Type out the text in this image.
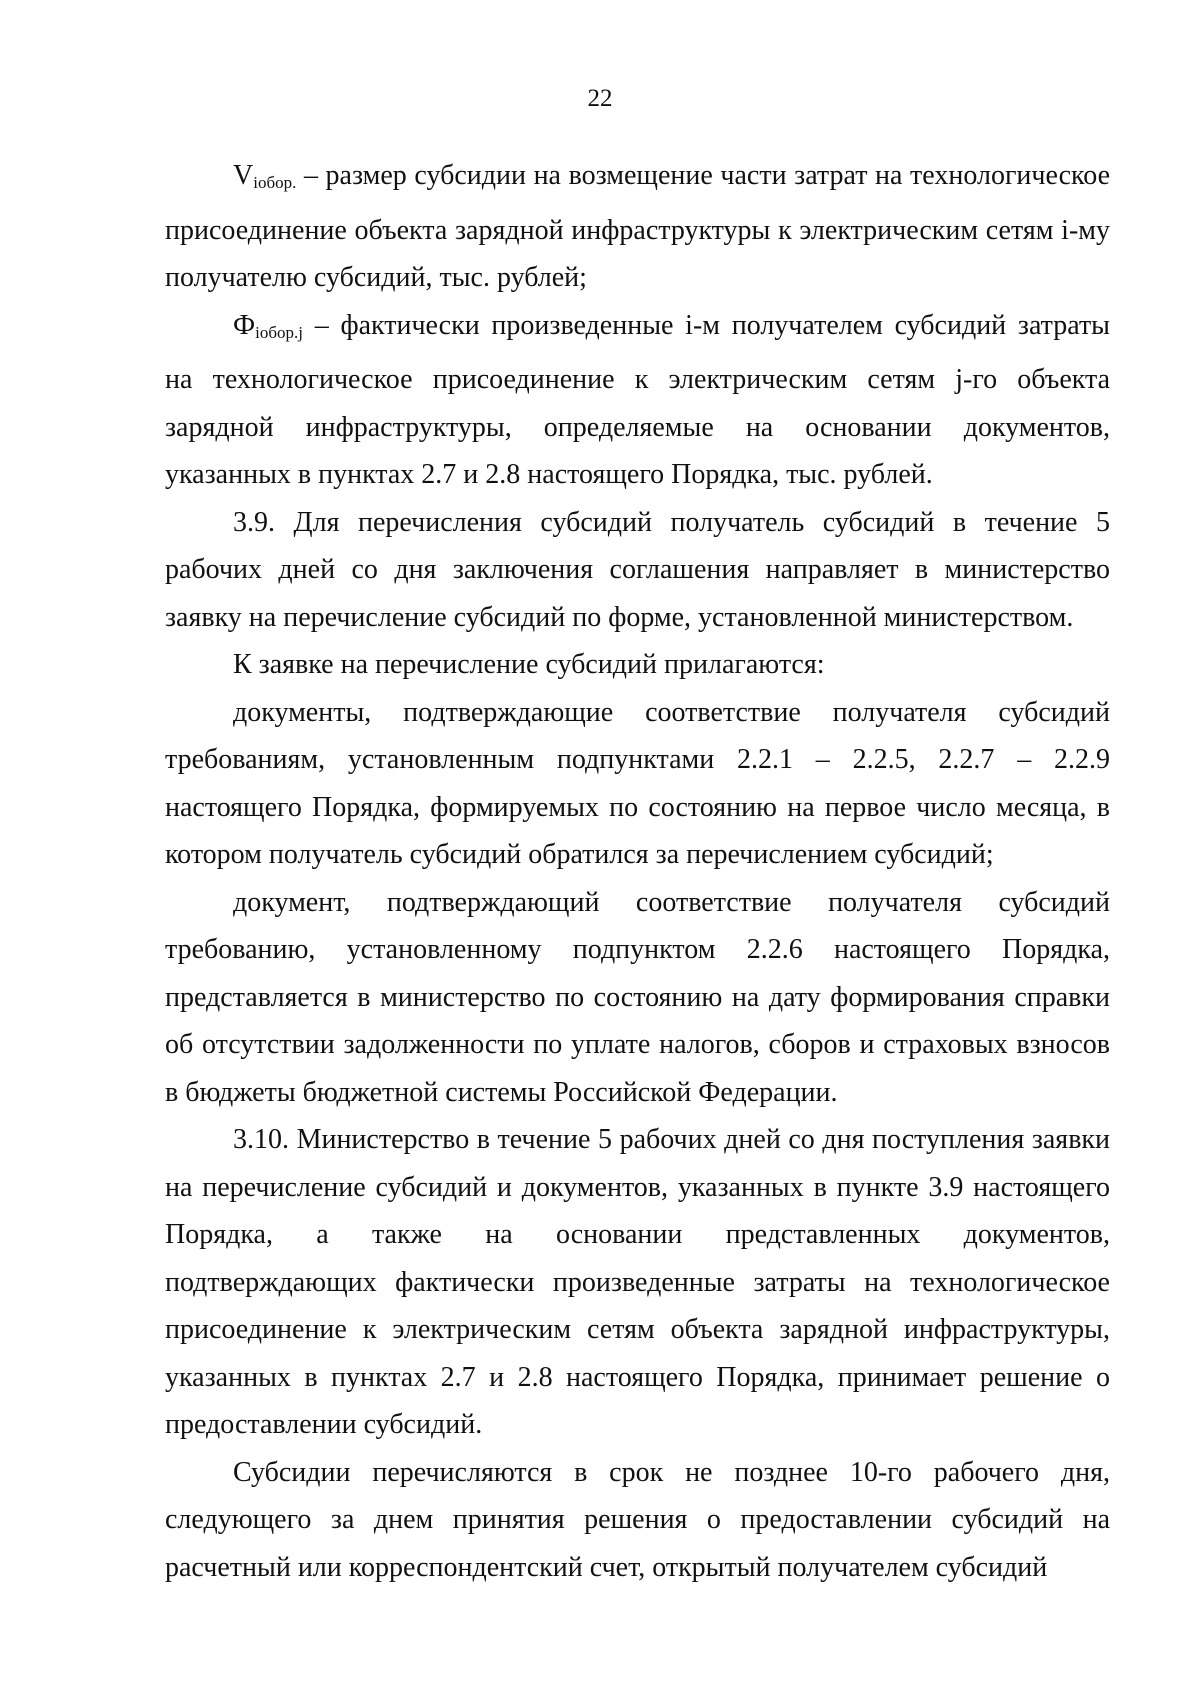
22

$V_{iобор.}$ – размер субсидии на возмещение части затрат на технологическое присоединение объекта зарядной инфраструктуры к электрическим сетям i-му получателю субсидий, тыс. рублей;

$Ф_{iобор.j}$ – фактически произведенные i-м получателем субсидий затраты на технологическое присоединение к электрическим сетям j-го объекта зарядной инфраструктуры, определяемые на основании документов, указанных в пунктах 2.7 и 2.8 настоящего Порядка, тыс. рублей.

3.9. Для перечисления субсидий получатель субсидий в течение 5 рабочих дней со дня заключения соглашения направляет в министерство заявку на перечисление субсидий по форме, установленной министерством.

К заявке на перечисление субсидий прилагаются:

документы, подтверждающие соответствие получателя субсидий требованиям, установленным подпунктами 2.2.1 – 2.2.5, 2.2.7 – 2.2.9 настоящего Порядка, формируемых по состоянию на первое число месяца, в котором получатель субсидий обратился за перечислением субсидий;

документ, подтверждающий соответствие получателя субсидий требованию, установленному подпунктом 2.2.6 настоящего Порядка, представляется в министерство по состоянию на дату формирования справки об отсутствии задолженности по уплате налогов, сборов и страховых взносов в бюджеты бюджетной системы Российской Федерации.

3.10. Министерство в течение 5 рабочих дней со дня поступления заявки на перечисление субсидий и документов, указанных в пункте 3.9 настоящего Порядка, а также на основании представленных документов, подтверждающих фактически произведенные затраты на технологическое присоединение к электрическим сетям объекта зарядной инфраструктуры, указанных в пунктах 2.7 и 2.8 настоящего Порядка, принимает решение о предоставлении субсидий.

Субсидии перечисляются в срок не позднее 10-го рабочего дня, следующего за днем принятия решения о предоставлении субсидий на расчетный или корреспондентский счет, открытый получателем субсидий
